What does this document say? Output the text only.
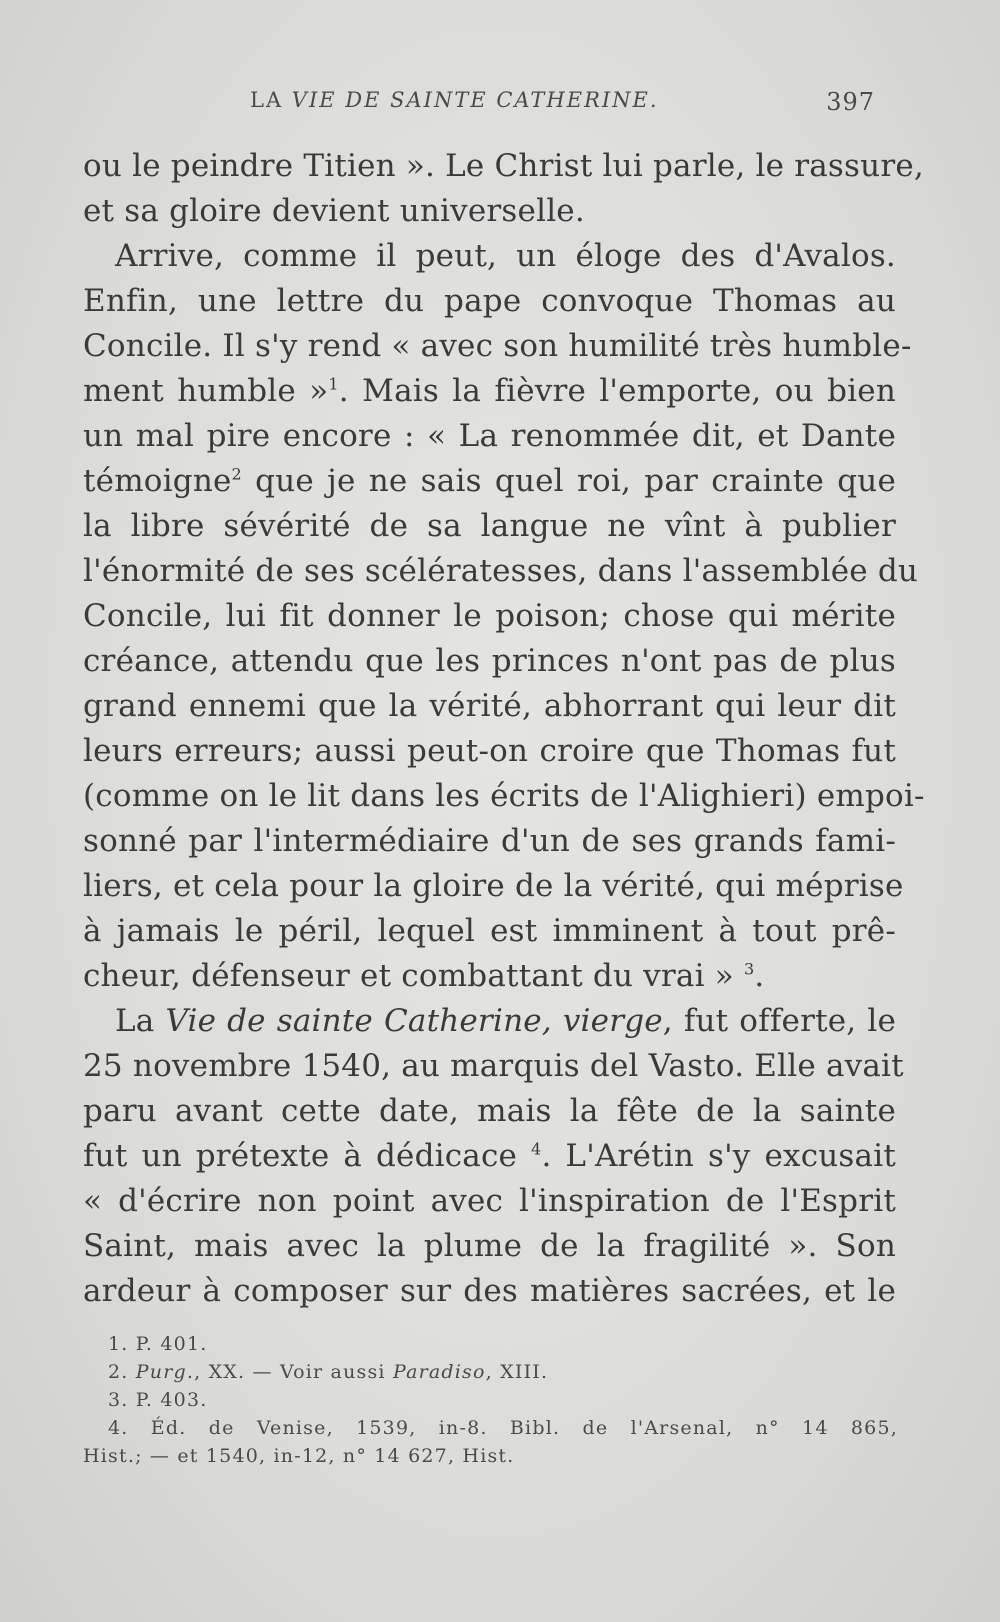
LA VIE DE SAINTE CATHERINE.	397
ou le peindre Titien ». Le Christ lui parle, le rassure,
et sa gloire devient universelle.
Arrive, comme il peut, un éloge des d'Avalos.
Enfin, une lettre du pape convoque Thomas au
Concile. Il s'y rend « avec son humilité très humble-
ment humble »$^1$. Mais la fièvre l'emporte, ou bien
un mal pire encore : « La renommée dit, et Dante
témoigne$^2$ que je ne sais quel roi, par crainte que
la libre sévérité de sa langue ne vînt à publier
l'énormité de ses scélératesses, dans l'assemblée du
Concile, lui fit donner le poison; chose qui mérite
créance, attendu que les princes n'ont pas de plus
grand ennemi que la vérité, abhorrant qui leur dit
leurs erreurs; aussi peut-on croire que Thomas fut
(comme on le lit dans les écrits de l'Alighieri) empoi-
sonné par l'intermédiaire d'un de ses grands fami-
liers, et cela pour la gloire de la vérité, qui méprise
à jamais le péril, lequel est imminent à tout prê-
cheur, défenseur et combattant du vrai » $^3$.
La Vie de sainte Catherine, vierge, fut offerte, le
25 novembre 1540, au marquis del Vasto. Elle avait
paru avant cette date, mais la fête de la sainte
fut un prétexte à dédicace $^4$. L'Arétin s'y excusait
« d'écrire non point avec l'inspiration de l'Esprit
Saint, mais avec la plume de la fragilité ». Son
ardeur à composer sur des matières sacrées, et le
1. P. 401.
2. Purg., XX. — Voir aussi Paradiso, XIII.
3. P. 403.
4. Éd. de Venise, 1539, in-8. Bibl. de l'Arsenal, n° 14 865,
Hist.; — et 1540, in-12, n° 14 627, Hist.
